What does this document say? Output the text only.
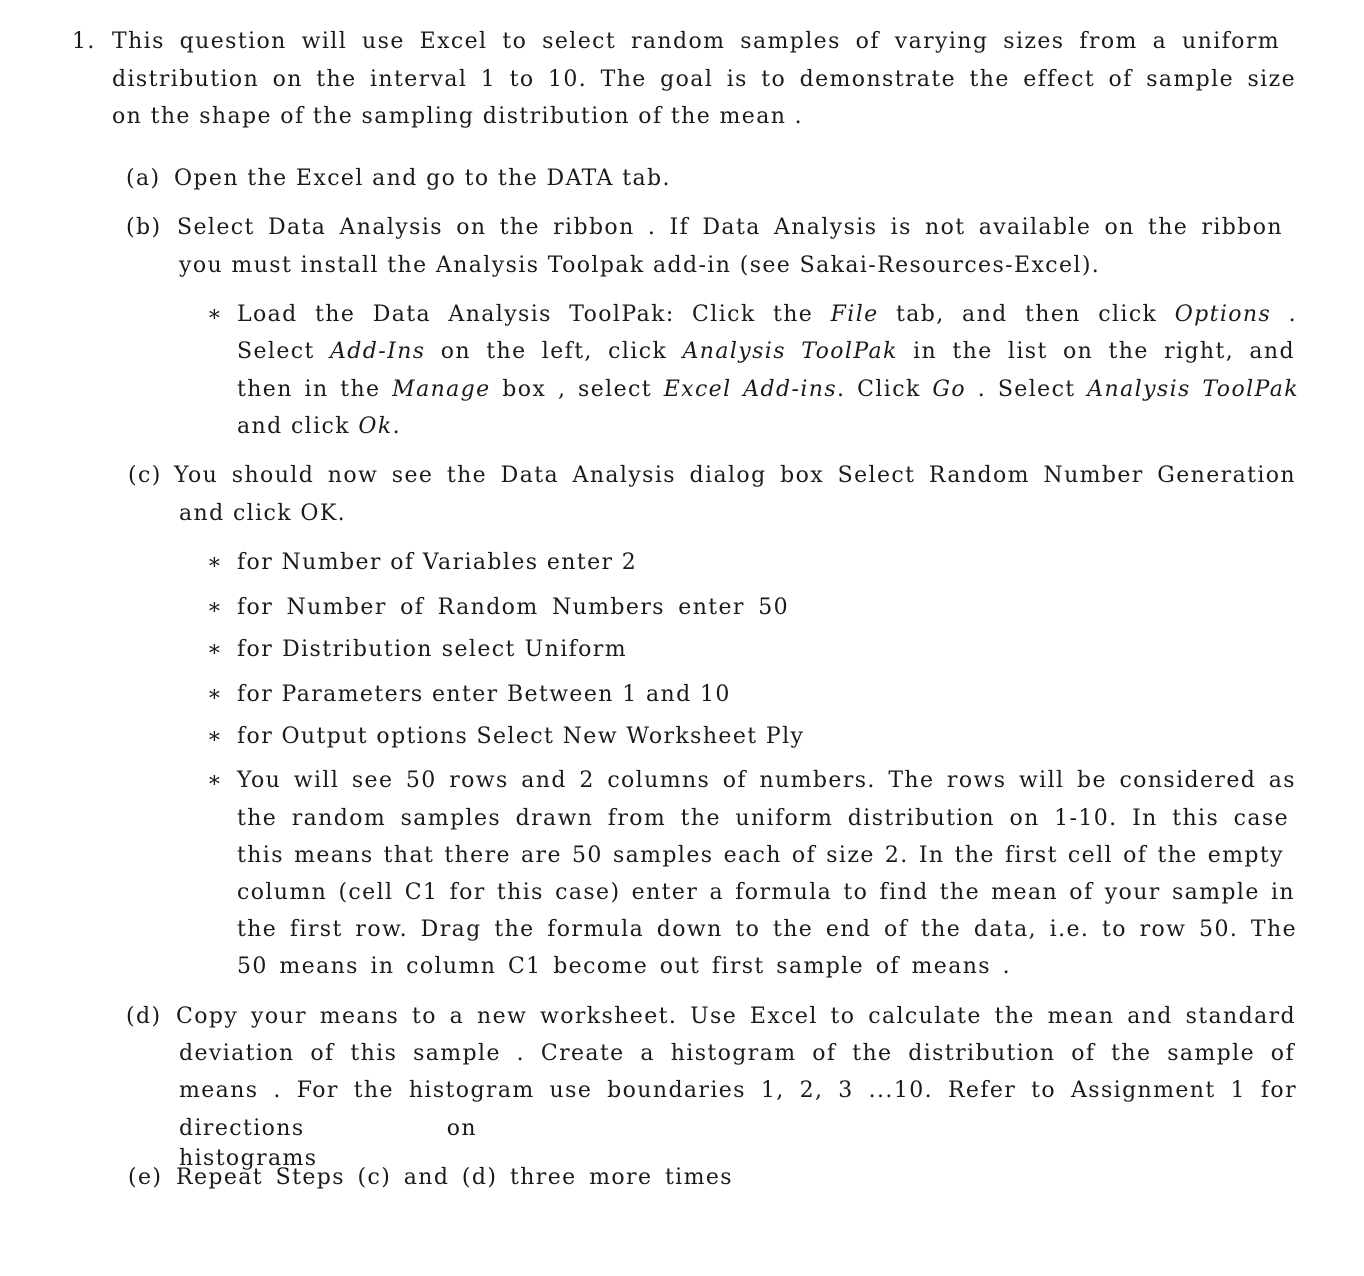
1. This question will use Excel to select random samples of varying sizes from a uniform
distribution on the interval 1 to 10. The goal is to demonstrate the effect of sample size
on the shape of the sampling distribution of the mean .
(a) Open the Excel and go to the DATA tab.
(b) Select Data Analysis on the ribbon . If Data Analysis is not available on the ribbon
you must install the Analysis Toolpak add-in (see Sakai-Resources-Excel).
∗ Load the Data Analysis ToolPak: Click the File tab, and then click Options .
Select Add-Ins on the left, click Analysis ToolPak in the list on the right, and
then in the Manage box , select Excel Add-ins. Click Go . Select Analysis ToolPak
and click Ok.
(c) You should now see the Data Analysis dialog box Select Random Number Generation
and click OK.
∗ for Number of Variables enter 2
∗ for Number of Random Numbers enter 50
∗ for Distribution select Uniform
∗ for Parameters enter Between 1 and 10
∗ for Output options Select New Worksheet Ply
∗ You will see 50 rows and 2 columns of numbers. The rows will be considered as
the random samples drawn from the uniform distribution on 1-10. In this case
this means that there are 50 samples each of size 2. In the first cell of the empty
column (cell C1 for this case) enter a formula to find the mean of your sample in
the first row. Drag the formula down to the end of the data, i.e. to row 50. The
50 means in column C1 become out first sample of means .
(d) Copy your means to a new worksheet. Use Excel to calculate the mean and standard
deviation of this sample . Create a histogram of the distribution of the sample of
means . For the histogram use boundaries 1, 2, 3 ...10. Refer to Assignment 1 for
directions on histograms
(e) Repeat Steps (c) and (d) three more times
